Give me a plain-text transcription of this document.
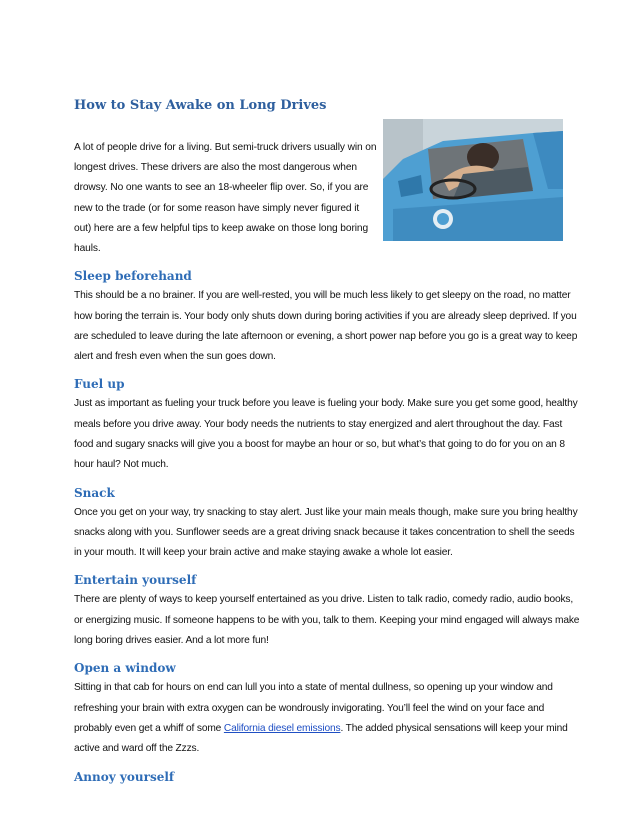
How to Stay Awake on Long Drives

A lot of people drive for a living. But semi-truck drivers usually win on longest drives. These drivers are also the most dangerous when drowsy. No one wants to see an 18-wheeler flip over. So, if you are new to the trade (or for some reason have simply never figured it out) here are a few helpful tips to keep awake on those long boring hauls.

Sleep beforehand

This should be a no brainer. If you are well-rested, you will be much less likely to get sleepy on the road, no matter how boring the terrain is. Your body only shuts down during boring activities if you are already sleep deprived. If you are scheduled to leave during the late afternoon or evening, a short power nap before you go is a great way to keep alert and fresh even when the sun goes down.

Fuel up

Just as important as fueling your truck before you leave is fueling your body. Make sure you get some good, healthy meals before you drive away. Your body needs the nutrients to stay energized and alert throughout the day. Fast food and sugary snacks will give you a boost for maybe an hour or so, but what’s that going to do for you on an 8 hour haul? Not much.

Snack

Once you get on your way, try snacking to stay alert. Just like your main meals though, make sure you bring healthy snacks along with you. Sunflower seeds are a great driving snack because it takes concentration to shell the seeds in your mouth. It will keep your brain active and make staying awake a whole lot easier.

Entertain yourself

There are plenty of ways to keep yourself entertained as you drive. Listen to talk radio, comedy radio, audio books, or energizing music. If someone happens to be with you, talk to them. Keeping your mind engaged will always make long boring drives easier. And a lot more fun!

Open a window

Sitting in that cab for hours on end can lull you into a state of mental dullness, so opening up your window and refreshing your brain with extra oxygen can be wondrously invigorating. You’ll feel the wind on your face and probably even get a whiff of some California diesel emissions. The added physical sensations will keep your mind active and ward off the Zzzs.

Annoy yourself
